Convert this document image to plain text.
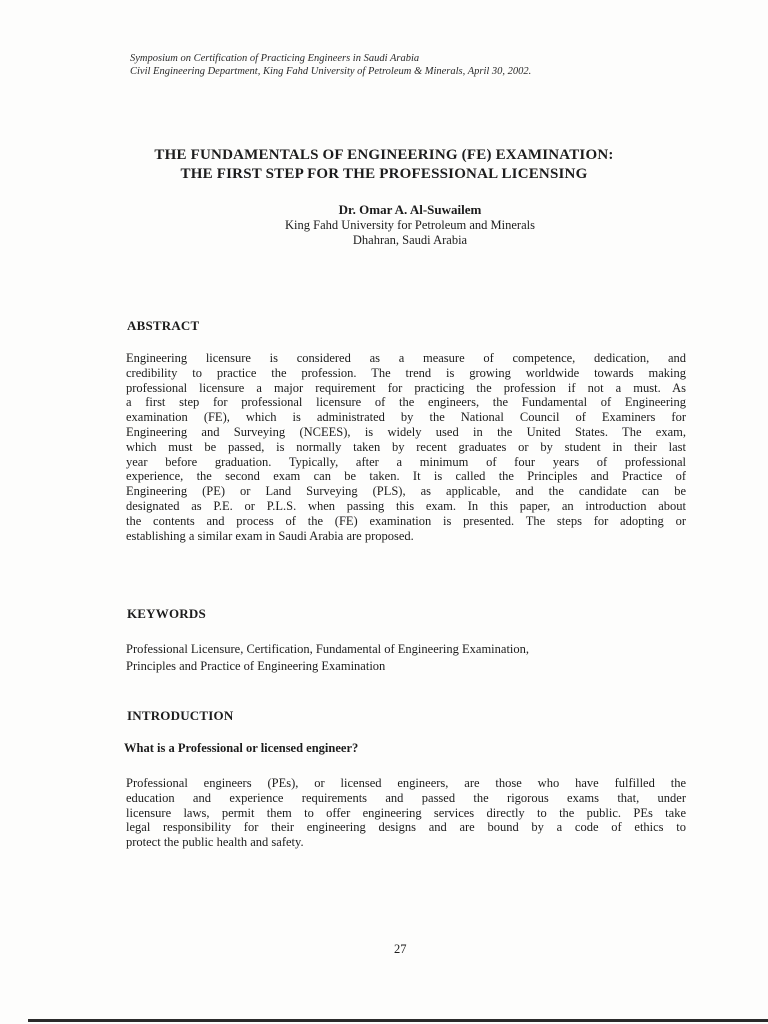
Symposium on Certification of Practicing Engineers in Saudi Arabia
Civil Engineering Department, King Fahd University of Petroleum & Minerals, April 30, 2002.
THE FUNDAMENTALS OF ENGINEERING (FE) EXAMINATION:
THE FIRST STEP FOR THE PROFESSIONAL LICENSING
Dr. Omar A. Al-Suwailem
King Fahd University for Petroleum and Minerals
Dhahran, Saudi Arabia
ABSTRACT
Engineering licensure is considered as a measure of competence, dedication, and
credibility to practice the profession. The trend is growing worldwide towards making
professional licensure a major requirement for practicing the profession if not a must. As
a first step for professional licensure of the engineers, the Fundamental of Engineering
examination (FE), which is administrated by the National Council of Examiners for
Engineering and Surveying (NCEES), is widely used in the United States. The exam,
which must be passed, is normally taken by recent graduates or by student in their last
year before graduation. Typically, after a minimum of four years of professional
experience, the second exam can be taken. It is called the Principles and Practice of
Engineering (PE) or Land Surveying (PLS), as applicable, and the candidate can be
designated as P.E. or P.L.S. when passing this exam. In this paper, an introduction about
the contents and process of the (FE) examination is presented. The steps for adopting or
establishing a similar exam in Saudi Arabia are proposed.
KEYWORDS
Professional Licensure, Certification, Fundamental of Engineering Examination,
Principles and Practice of Engineering Examination
INTRODUCTION
What is a Professional or licensed engineer?
Professional engineers (PEs), or licensed engineers, are those who have fulfilled the
education and experience requirements and passed the rigorous exams that, under
licensure laws, permit them to offer engineering services directly to the public. PEs take
legal responsibility for their engineering designs and are bound by a code of ethics to
protect the public health and safety.
27
